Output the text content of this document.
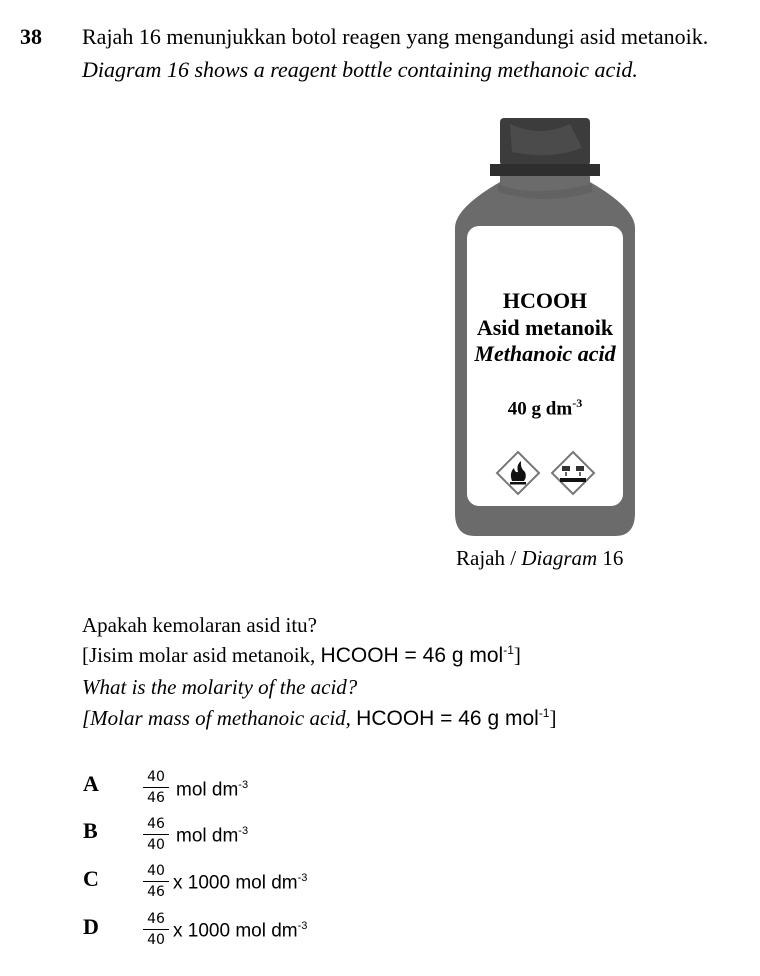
38 Rajah 16 menunjukkan botol reagen yang mengandungi asid metanoik.
Diagram 16 shows a reagent bottle containing methanoic acid.
HCOOH
Asid metanoik
Methanoic acid
40 g $dm^{-3}$
Rajah / Diagram 16
Apakah kemolaran asid itu?
[Jisim molar asid metanoik, HCOOH = 46 g mol$^{-1}$]
What is the molarity of the acid?
[Molar mass of methanoic acid, HCOOH = 46 g mol$^{-1}$]
A	$\frac{40}{46}$ mol $dm^{-3}$
B	$\frac{46}{40}$ mol $dm^{-3}$
C	$\frac{40}{46}$ x 1000 mol $dm^{-3}$
D	$\frac{46}{40}$ x 1000 mol $dm^{-3}$
